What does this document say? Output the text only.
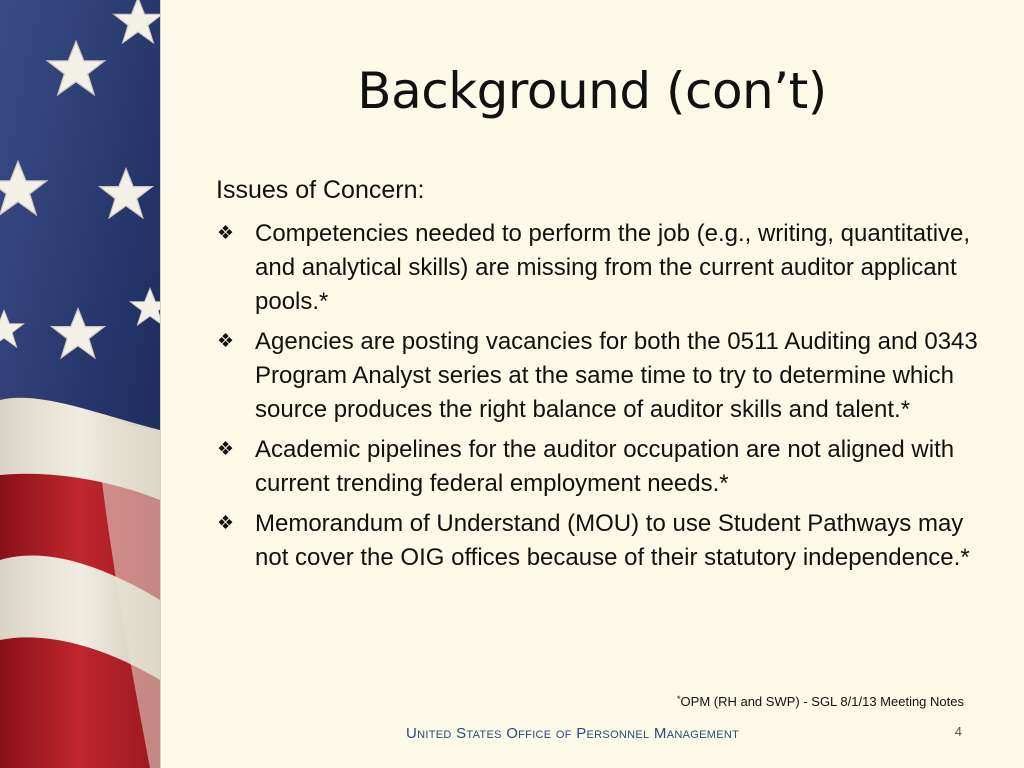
Background (con’t)

Issues of Concern:

❖ Competencies needed to perform the job (e.g., writing, quantitative, and analytical skills) are missing from the current auditor applicant pools.*
❖ Agencies are posting vacancies for both the 0511 Auditing and 0343 Program Analyst series at the same time to try to determine which source produces the right balance of auditor skills and talent.*
❖ Academic pipelines for the auditor occupation are not aligned with current trending federal employment needs.*
❖ Memorandum of Understand (MOU) to use Student Pathways may not cover the OIG offices because of their statutory independence.*
*OPM (RH and SWP) - SGL 8/1/13 Meeting Notes
United States Office of Personnel Management	4
